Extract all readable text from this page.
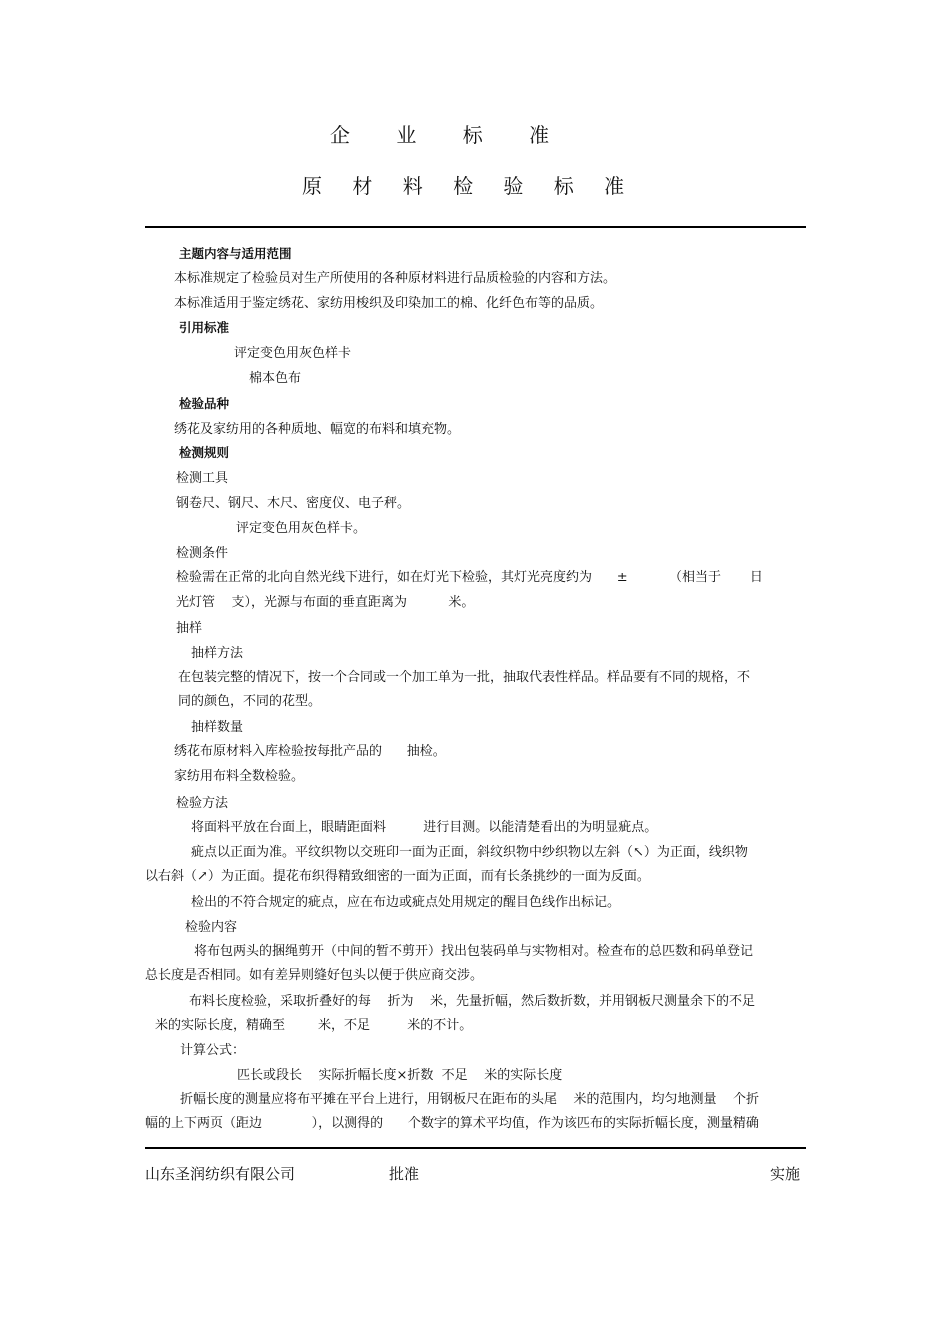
企 业 标 准
原 材 料 检 验 标 准
主题内容与适用范围
本标准规定了检验员对生产所使用的各种原材料进行品质检验的内容和方法。
本标准适用于鉴定绣花、家纺用梭织及印染加工的棉、化纤色布等的品质。
引用标准
评定变色用灰色样卡
棉本色布
检验品种
绣花及家纺用的各种质地、幅宽的布料和填充物。
检测规则
检测工具
钢卷尺、钢尺、木尺、密度仪、电子秤。
评定变色用灰色样卡。
检测条件
检验需在正常的北向自然光线下进行，如在灯光下检验，其灯光亮度约为      ±          （相当于       日
光灯管    支），光源与布面的垂直距离为          米。
抽样
抽样方法
在包装完整的情况下，按一个合同或一个加工单为一批，抽取代表性样品。样品要有不同的规格，不
同的颜色，不同的花型。
抽样数量
绣花布原材料入库检验按每批产品的      抽检。
家纺用布料全数检验。
检验方法
将面料平放在台面上，眼睛距面料         进行目测。以能清楚看出的为明显疵点。
疵点以正面为准。平纹织物以交班印一面为正面，斜纹织物中纱织物以左斜（↖）为正面，线织物
以右斜（↗）为正面。提花布织得精致细密的一面为正面，而有长条挑纱的一面为反面。
检出的不符合规定的疵点，应在布边或疵点处用规定的醒目色线作出标记。
检验内容
将布包两头的捆绳剪开（中间的暂不剪开）找出包装码单与实物相对。检查布的总匹数和码单登记
总长度是否相同。如有差异则缝好包头以便于供应商交涉。
布料长度检验，采取折叠好的每    折为    米，先量折幅，然后数折数，并用钢板尺测量余下的不足
米的实际长度，精确至        米，不足         米的不计。
计算公式：
匹长或段长    实际折幅长度×折数  不足    米的实际长度
折幅长度的测量应将布平摊在平台上进行，用钢板尺在距布的头尾    米的范围内，均匀地测量    个折
幅的上下两页（距边            ），以测得的      个数字的算术平均值，作为该匹布的实际折幅长度，测量精确
山东圣润纺织有限公司	批准	实施
